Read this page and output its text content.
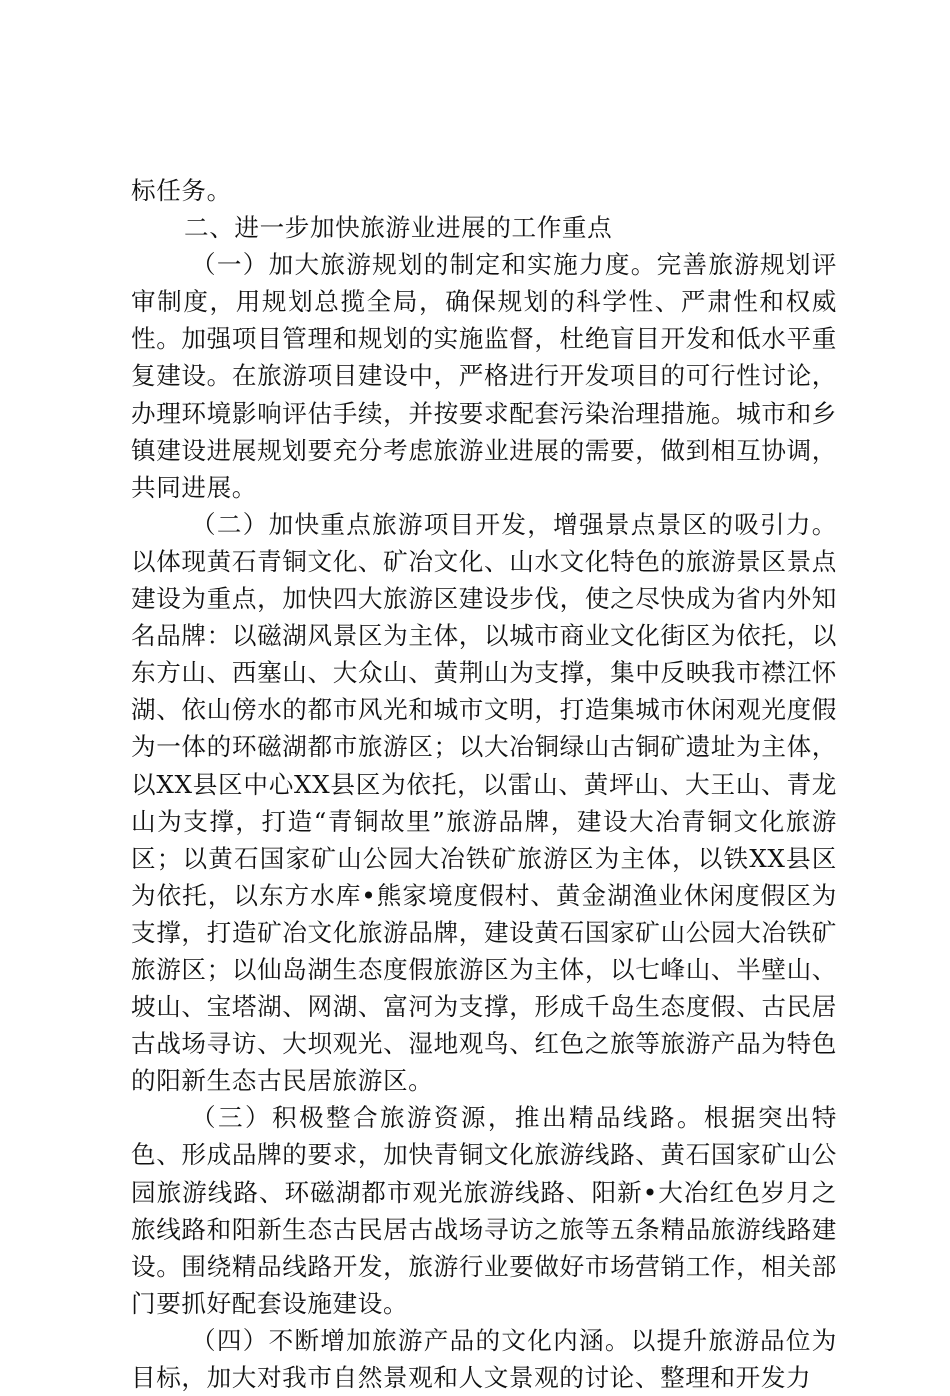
标任务。

二、进一步加快旅游业进展的工作重点

（一）加大旅游规划的制定和实施力度。完善旅游规划评审制度，用规划总揽全局，确保规划的科学性、严肃性和权威性。加强项目管理和规划的实施监督，杜绝盲目开发和低水平重复建设。在旅游项目建设中，严格进行开发项目的可行性讨论，办理环境影响评估手续，并按要求配套污染治理措施。城市和乡镇建设进展规划要充分考虑旅游业进展的需要，做到相互协调，共同进展。

（二）加快重点旅游项目开发，增强景点景区的吸引力。以体现黄石青铜文化、矿冶文化、山水文化特色的旅游景区景点建设为重点，加快四大旅游区建设步伐，使之尽快成为省内外知名品牌：以磁湖风景区为主体，以城市商业文化街区为依托，以东方山、西塞山、大众山、黄荆山为支撑，集中反映我市襟江怀湖、依山傍水的都市风光和城市文明，打造集城市休闲观光度假为一体的环磁湖都市旅游区；以大冶铜绿山古铜矿遗址为主体，以XX县区中心XX县区为依托，以雷山、黄坪山、大王山、青龙山为支撑，打造“青铜故里”旅游品牌，建设大冶青铜文化旅游区；以黄石国家矿山公园大冶铁矿旅游区为主体，以铁XX县区为依托，以东方水库•熊家境度假村、黄金湖渔业休闲度假区为支撑，打造矿冶文化旅游品牌，建设黄石国家矿山公园大冶铁矿旅游区；以仙岛湖生态度假旅游区为主体，以七峰山、半壁山、坡山、宝塔湖、网湖、富河为支撑，形成千岛生态度假、古民居古战场寻访、大坝观光、湿地观鸟、红色之旅等旅游产品为特色的阳新生态古民居旅游区。

（三）积极整合旅游资源，推出精品线路。根据突出特色、形成品牌的要求，加快青铜文化旅游线路、黄石国家矿山公园旅游线路、环磁湖都市观光旅游线路、阳新•大冶红色岁月之旅线路和阳新生态古民居古战场寻访之旅等五条精品旅游线路建设。围绕精品线路开发，旅游行业要做好市场营销工作，相关部门要抓好配套设施建设。

（四）不断增加旅游产品的文化内涵。以提升旅游品位为目标，加大对我市自然景观和人文景观的讨论、整理和开发力
